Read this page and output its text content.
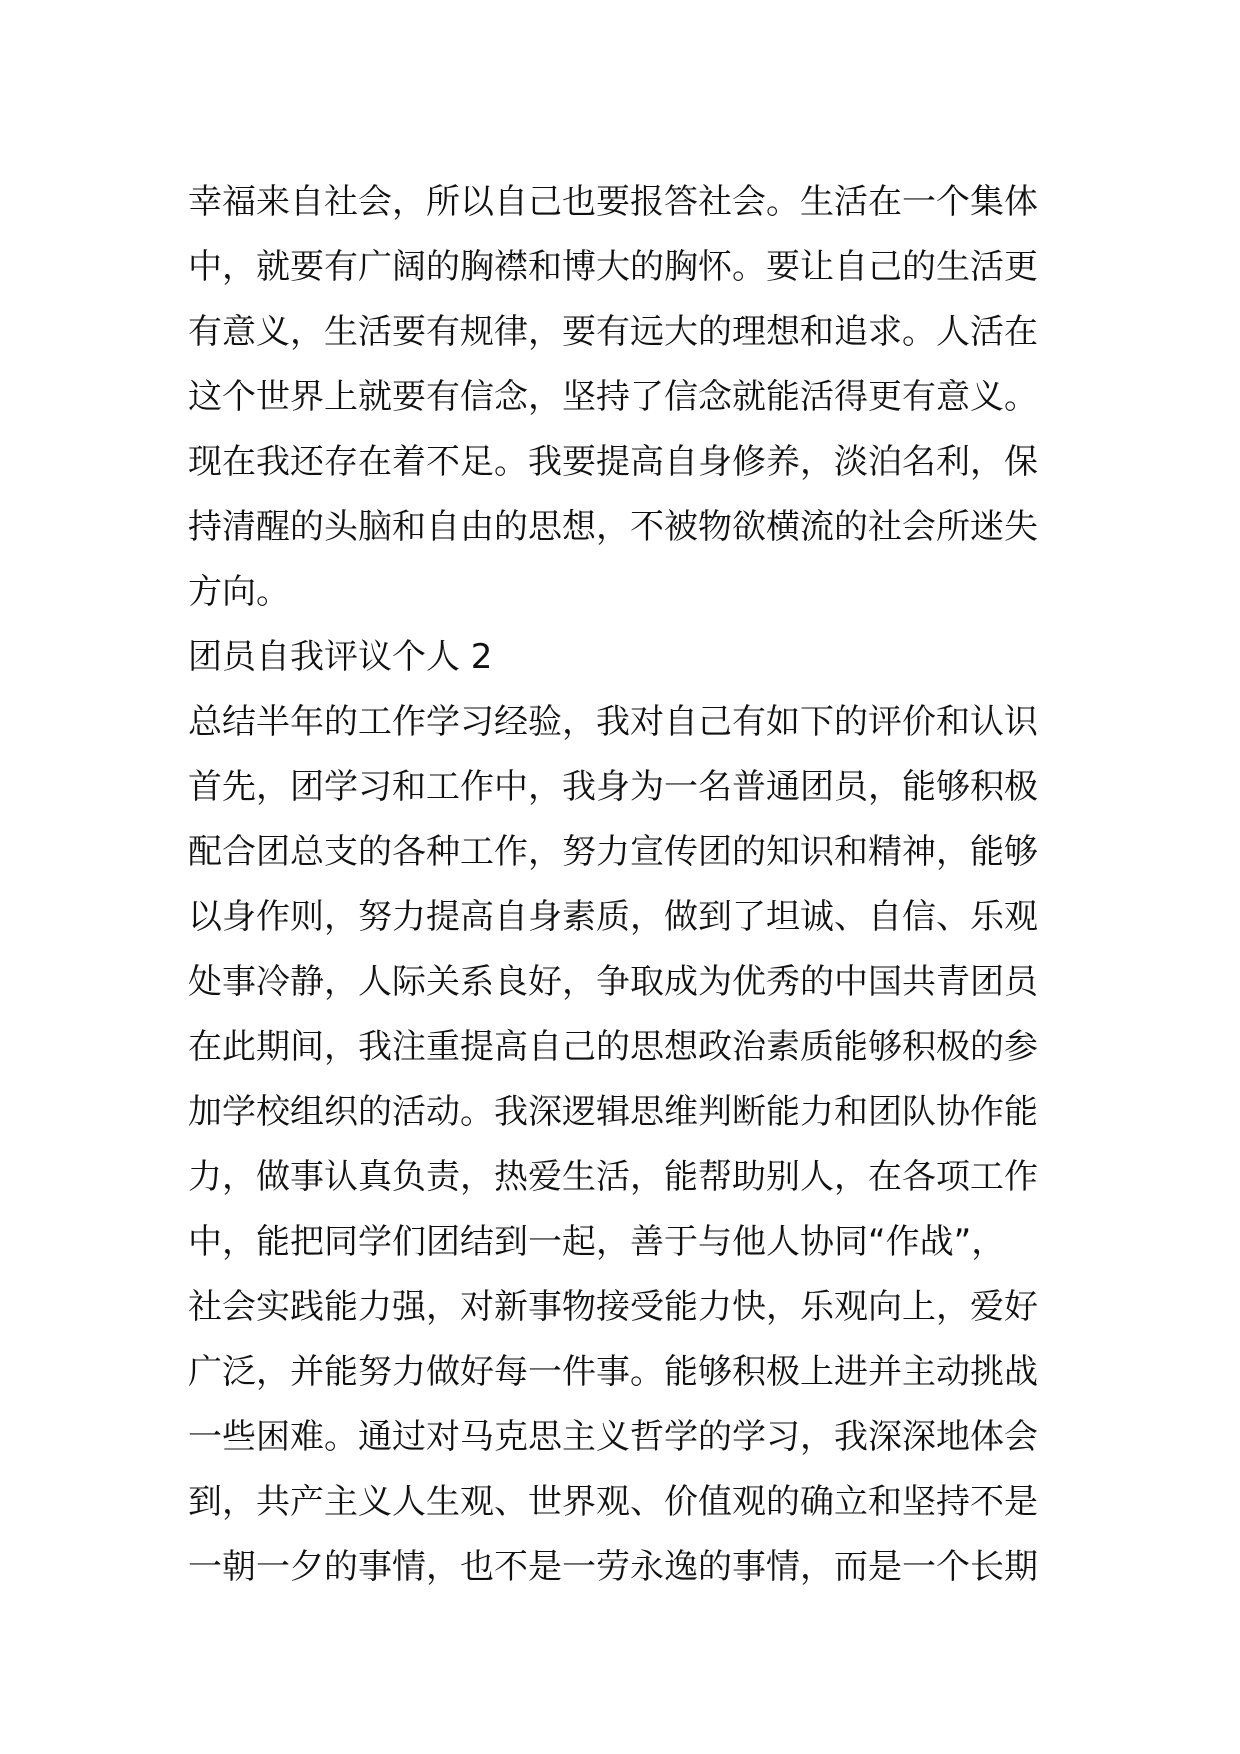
幸福来自社会，所以自己也要报答社会。生活在一个集体
中，就要有广阔的胸襟和博大的胸怀。要让自己的生活更
有意义，生活要有规律，要有远大的理想和追求。人活在
这个世界上就要有信念，坚持了信念就能活得更有意义。
现在我还存在着不足。我要提高自身修养，淡泊名利，保
持清醒的头脑和自由的思想，不被物欲横流的社会所迷失
方向。
团员自我评议个人 2
总结半年的工作学习经验，我对自己有如下的评价和认识
首先，团学习和工作中，我身为一名普通团员，能够积极
配合团总支的各种工作，努力宣传团的知识和精神，能够
以身作则，努力提高自身素质，做到了坦诚、自信、乐观
处事冷静，人际关系良好，争取成为优秀的中国共青团员
在此期间，我注重提高自己的思想政治素质能够积极的参
加学校组织的活动。我深逻辑思维判断能力和团队协作能
力，做事认真负责，热爱生活，能帮助别人，在各项工作
中，能把同学们团结到一起，善于与他人协同“作战”，
社会实践能力强，对新事物接受能力快，乐观向上，爱好
广泛，并能努力做好每一件事。能够积极上进并主动挑战
一些困难。通过对马克思主义哲学的学习，我深深地体会
到，共产主义人生观、世界观、价值观的确立和坚持不是
一朝一夕的事情，也不是一劳永逸的事情，而是一个长期
